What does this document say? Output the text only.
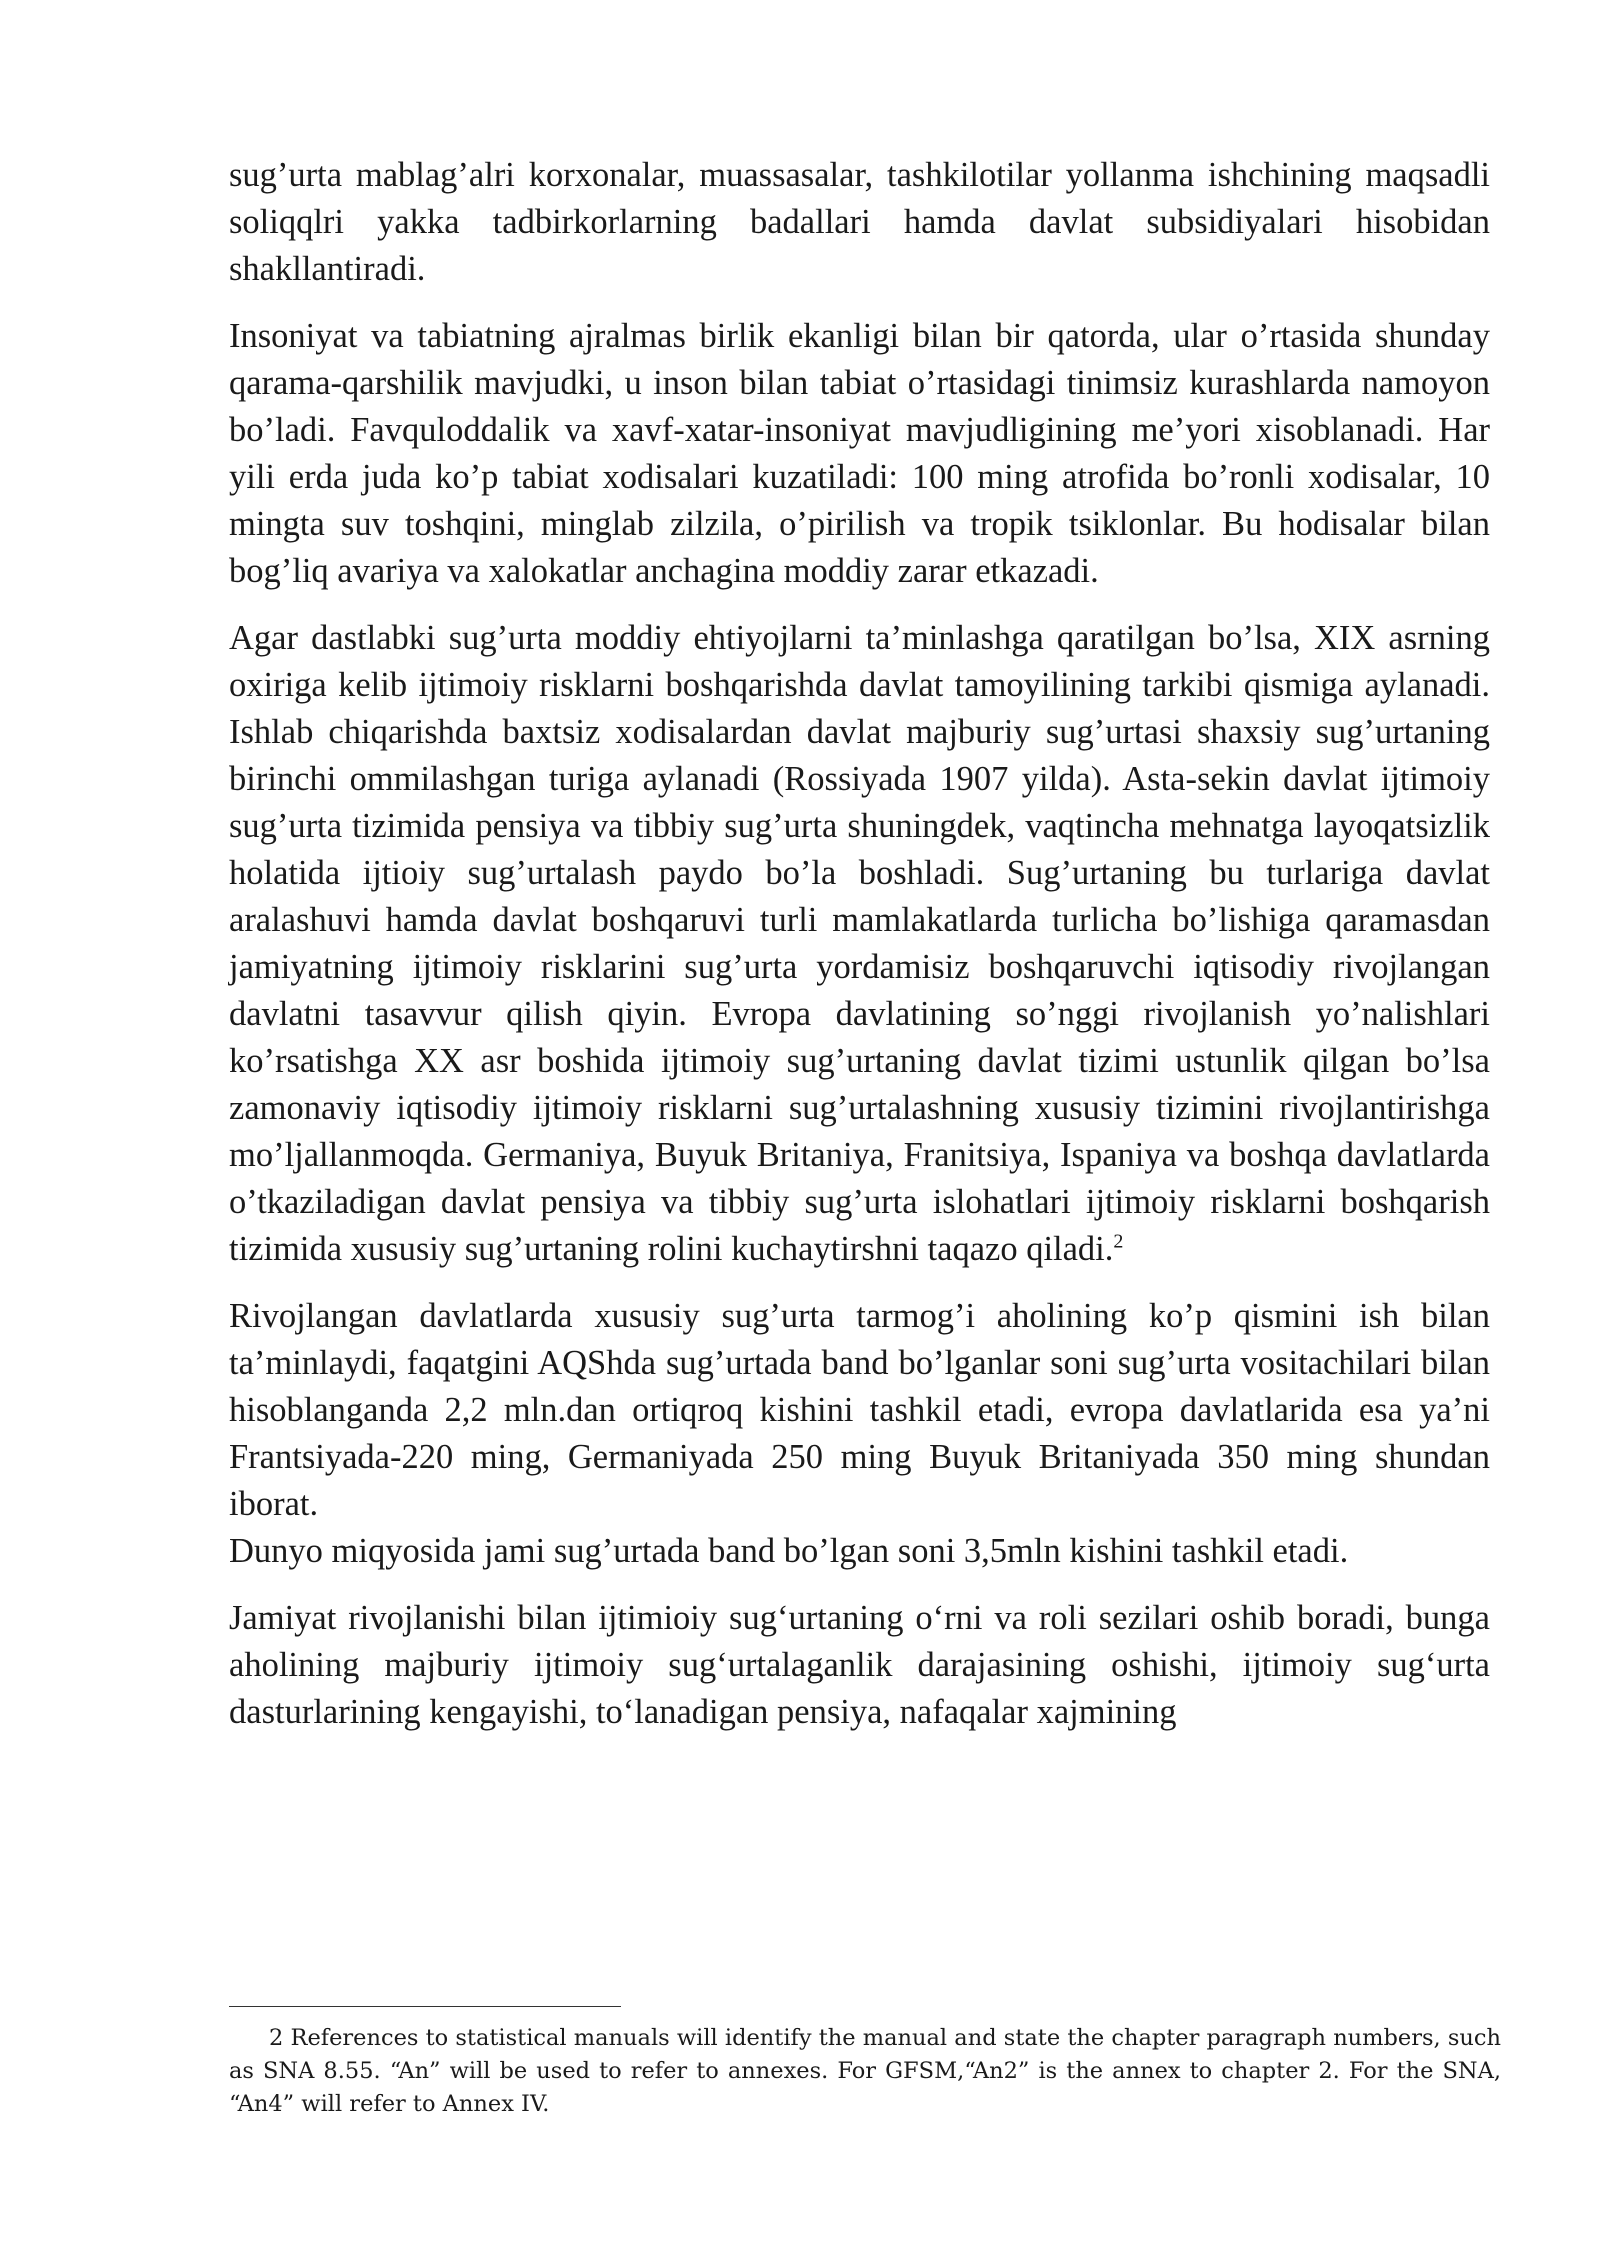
sug’urta mablag’alri korxonalar, muassasalar, tashkilotilar yollanma ishchining maqsadli soliqqlri yakka tadbirkorlarning badallari hamda davlat subsidiyalari hisobidan shakllantiradi.

Insoniyat va tabiatning ajralmas birlik ekanligi bilan bir qatorda, ular o’rtasida shunday qarama-qarshilik mavjudki, u inson bilan tabiat o’rtasidagi tinimsiz kurashlarda namoyon bo’ladi. Favquloddalik va xavf-xatar-insoniyat mavjudligining me’yori xisoblanadi. Har yili erda juda ko’p tabiat xodisalari kuzatiladi: 100 ming atrofida bo’ronli xodisalar, 10 mingta suv toshqini, minglab zilzila, o’pirilish va tropik tsiklonlar. Bu hodisalar bilan bog’liq avariya va xalokatlar anchagina moddiy zarar etkazadi.

Agar dastlabki sug’urta moddiy ehtiyojlarni ta’minlashga qaratilgan bo’lsa, XIX asrning oxiriga kelib ijtimoiy risklarni boshqarishda davlat tamoyilining tarkibi qismiga aylanadi. Ishlab chiqarishda baxtsiz xodisalardan davlat majburiy sug’urtasi shaxsiy sug’urtaning birinchi ommilashgan turiga aylanadi (Rossiyada 1907 yilda). Asta-sekin davlat ijtimoiy sug’urta tizimida pensiya va tibbiy sug’urta shuningdek, vaqtincha mehnatga layoqatsizlik holatida ijtioiy sug’urtalash paydo bo’la boshladi. Sug’urtaning bu turlariga davlat aralashuvi hamda davlat boshqaruvi turli mamlakatlarda turlicha bo’lishiga qaramasdan jamiyatning ijtimoiy risklarini sug’urta yordamisiz boshqaruvchi iqtisodiy rivojlangan davlatni tasavvur qilish qiyin. Evropa davlatining so’nggi rivojlanish yo’nalishlari ko’rsatishga XX asr boshida ijtimoiy sug’urtaning davlat tizimi ustunlik qilgan bo’lsa zamonaviy iqtisodiy ijtimoiy risklarni sug’urtalashning xususiy tizimini rivojlantirishga mo’ljallanmoqda. Germaniya, Buyuk Britaniya, Franitsiya, Ispaniya va boshqa davlatlarda o’tkaziladigan davlat pensiya va tibbiy sug’urta islohatlari ijtimoiy risklarni boshqarish tizimida xususiy sug’urtaning rolini kuchaytirshni taqazo qiladi.$^2$

Rivojlangan davlatlarda xususiy sug’urta tarmog’i aholining ko’p qismini ish bilan ta’minlaydi, faqatgini AQShda sug’urtada band bo’lganlar soni sug’urta vositachilari bilan hisoblanganda 2,2 mln.dan ortiqroq kishini tashkil etadi, evropa davlatlarida esa ya’ni Frantsiyada-220 ming, Germaniyada 250 ming Buyuk Britaniyada 350 ming shundan iborat.

Dunyo miqyosida jami sug’urtada band bo’lgan soni 3,5mln kishini tashkil etadi.

Jamiyat rivojlanishi bilan ijtimioiy sug‘urtaning o‘rni va roli sezilari oshib boradi, bunga aholining majburiy ijtimoiy sug‘urtalaganlik darajasining oshishi, ijtimoiy sug‘urta dasturlarining kengayishi, to‘lanadigan pensiya, nafaqalar xajmining

2 References to statistical manuals will identify the manual and state the chapter paragraph numbers, such as SNA 8.55. “An” will be used to refer to annexes. For GFSM,“An2” is the annex to chapter 2. For the SNA, “An4” will refer to Annex IV.
